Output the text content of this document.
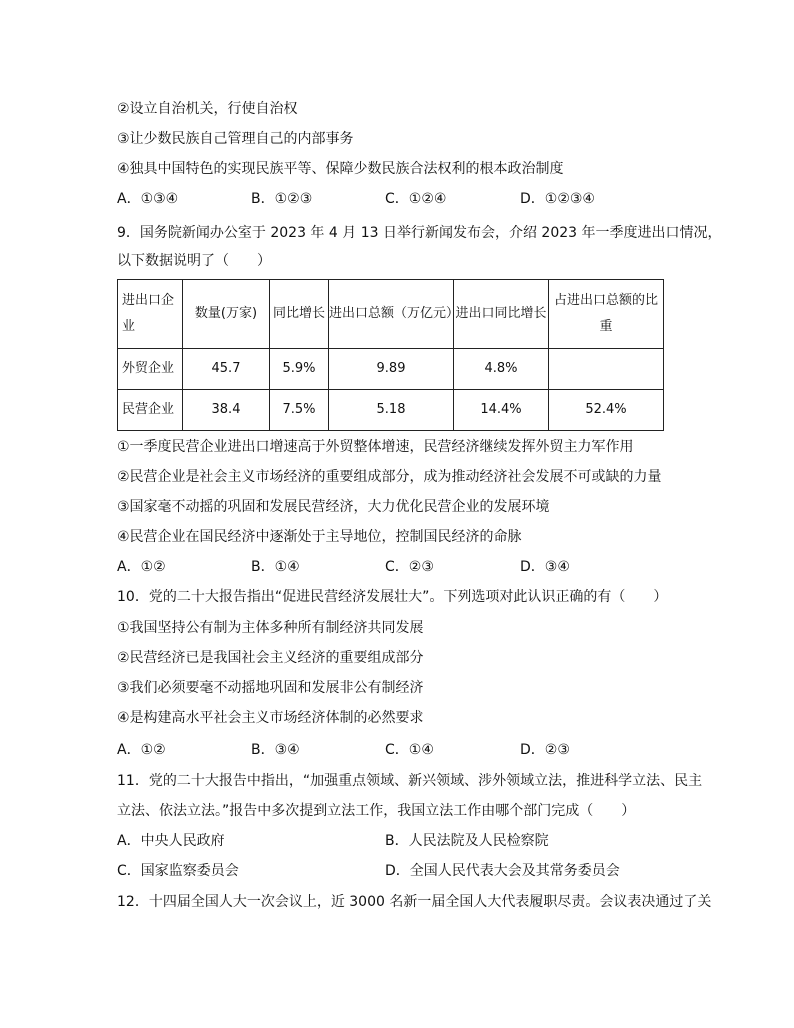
②设立自治机关，行使自治权
③让少数民族自己管理自己的内部事务
④独具中国特色的实现民族平等、保障少数民族合法权利的根本政治制度
A．①③④	B．①②③	C．①②④	D．①②③④
9．国务院新闻办公室于 2023 年 4 月 13 日举行新闻发布会，介绍 2023 年一季度进出口情况，
以下数据说明了（　　）
进出口企业	数量(万家)	同比增长	进出口总额（万亿元）	进出口同比增长	占进出口总额的比重
外贸企业	45.7	5.9%	9.89	4.8%	
民营企业	38.4	7.5%	5.18	14.4%	52.4%
①一季度民营企业进出口增速高于外贸整体增速，民营经济继续发挥外贸主力军作用
②民营企业是社会主义市场经济的重要组成部分，成为推动经济社会发展不可或缺的力量
③国家毫不动摇的巩固和发展民营经济，大力优化民营企业的发展环境
④民营企业在国民经济中逐渐处于主导地位，控制国民经济的命脉
A．①②	B．①④	C．②③	D．③④
10．党的二十大报告指出“促进民营经济发展壮大”。下列选项对此认识正确的有（　　）
①我国坚持公有制为主体多种所有制经济共同发展
②民营经济已是我国社会主义经济的重要组成部分
③我们必须要毫不动摇地巩固和发展非公有制经济
④是构建高水平社会主义市场经济体制的必然要求
A．①②	B．③④	C．①④	D．②③
11．党的二十大报告中指出，“加强重点领域、新兴领域、涉外领域立法，推进科学立法、民主
立法、依法立法。”报告中多次提到立法工作，我国立法工作由哪个部门完成（　　）
A．中央人民政府	B．人民法院及人民检察院
C．国家监察委员会	D．全国人民代表大会及其常务委员会
12．十四届全国人大一次会议上，近 3000 名新一届全国人大代表履职尽责。会议表决通过了关
